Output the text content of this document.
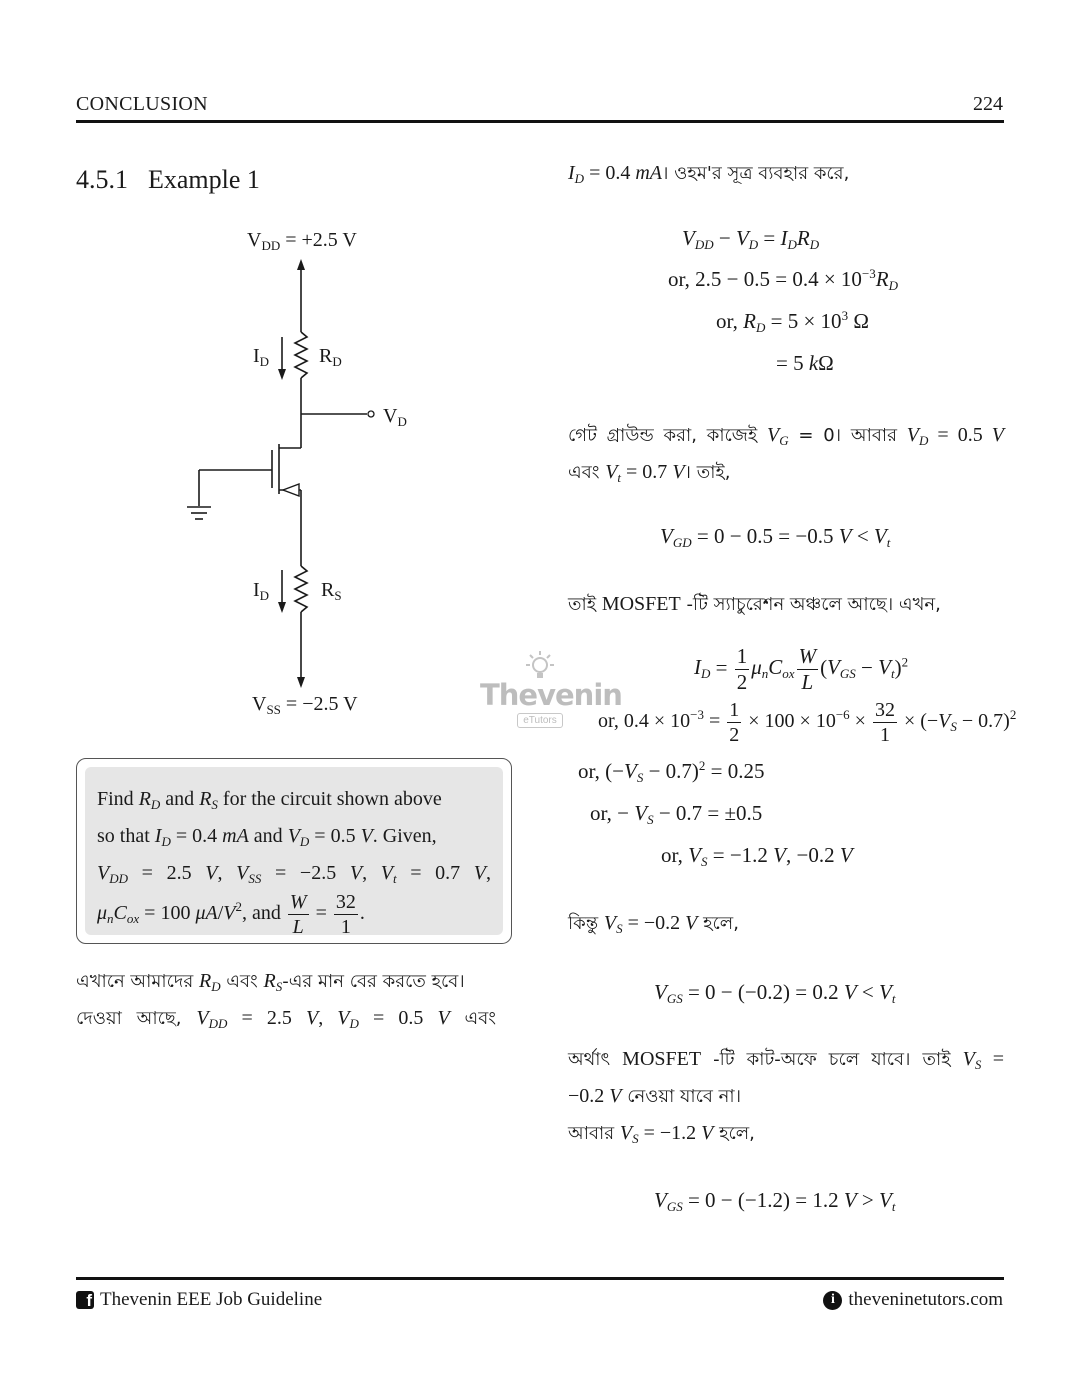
CONCLUSION	224
4.5.1 Example 1
$V_{DD} = +2.5$ V
$I_D$ $R_D$
$V_D$
$I_D$	$R_S$
$V_{SS} = -2.5$ V
Find $R_D$ and $R_S$ for the circuit shown above
so that $I_D = 0.4$ mA and $V_D = 0.5$ V. Given,
$V_{DD} = 2.5$ V, $V_{SS} = -2.5$ V, $V_t = 0.7$ V,
$\mu_nC_{ox} = 100$ $\mu A/V^2$, and $\frac{W}{L} = \frac{32}{1}$ .
এখানে আমাদের $R_D$ এবং $R_S-এর$ মান বের করতে হবে।
দেওয়া আছে, $V_{DD} = 2.5$ V, $V_D = 0.5$ V এবং
Thevenin
eTutors
$I_D = 0.4$ mA। ওহম'র সূত্র ব্যবহার করে,
$V_{DD} - V_D = I_DR_D$
or, $2.5 - 0.5 = 0.4 \times 10^{-3}R_D$
or, $R_D = 5 \times 10^3$ Ω
= 5 kΩ
গেট গ্রাউন্ড করা, কাজেই $V_G$ = 0। আবার $V_D = 0.5$ V
এবং $V_t = 0.7$ V। তাই,
$V_{GD} = 0 - 0.5 = -0.5$ $V < V_t$
তাই MOSFET -টি স্যাচুরেশন অঞ্চলে আছে। এখন,
$I_D = \frac{1}{2} \mu_nC_{ox} \frac{W}{L} (V_{GS} - V_t)^2$
or, $0.4 \times 10^{-3} = \frac{1}{2} \times 100 \times 10^{-6} \times \frac{32}{1} \times (-V_S - 0.7)^2$
or, $(-V_S - 0.7)^2 = 0.25$
or, − $V_S - 0.7 = \pm 0.5$
or, $V_S = -1.2$ V, −0.2 V
কিন্তু $V_S = -0.2$ V হলে,
$V_{GS} = 0 - (-0.2) = 0.2$ $V < V_t$
অর্থাৎ MOSFET -টি কাট-অফে চলে যাবে। তাই $V_S$ =
−0.2 V নেওয়া যাবে না।
আবার $V_S = -1.2$ V হলে,
$V_{GS} = 0 - (-1.2) = 1.2$ $V > V_t$
f Thevenin EEE Job Guideline	i theveninetutors.com
